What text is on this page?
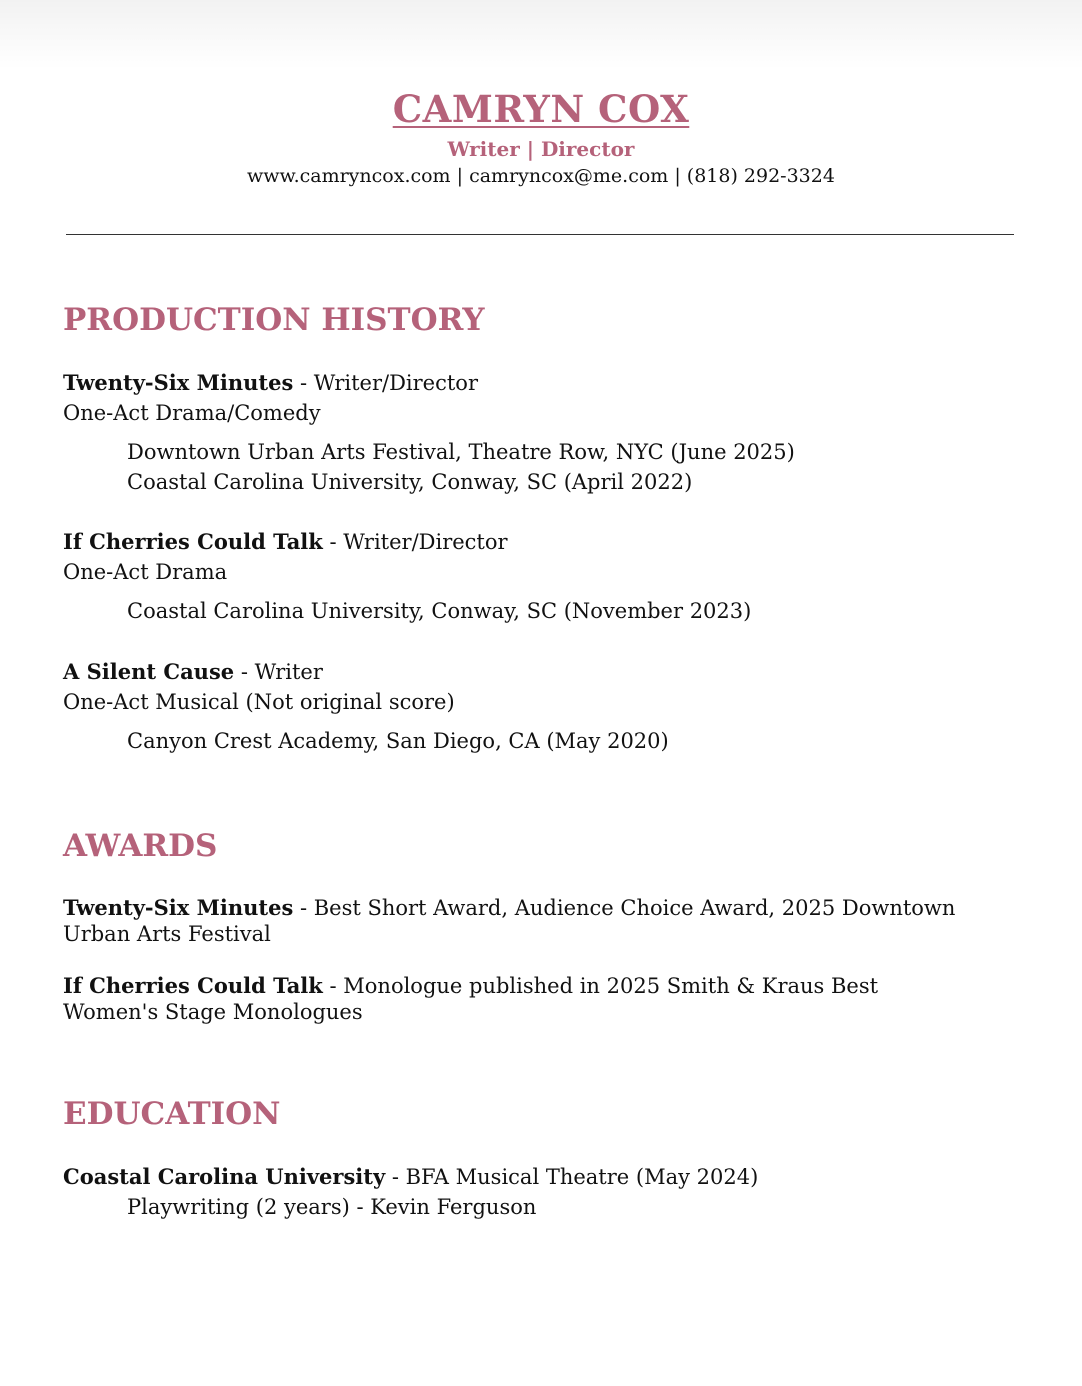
CAMRYN COX
Writer | Director
www.camryncox.com | camryncox@me.com | (818) 292-3324
PRODUCTION HISTORY
Twenty-Six Minutes - Writer/Director
One-Act Drama/Comedy
Downtown Urban Arts Festival, Theatre Row, NYC (June 2025)
Coastal Carolina University, Conway, SC (April 2022)
If Cherries Could Talk - Writer/Director
One-Act Drama
Coastal Carolina University, Conway, SC (November 2023)
A Silent Cause - Writer
One-Act Musical (Not original score)
Canyon Crest Academy, San Diego, CA (May 2020)
AWARDS
Twenty-Six Minutes - Best Short Award, Audience Choice Award, 2025 Downtown Urban Arts Festival
If Cherries Could Talk - Monologue published in 2025 Smith & Kraus Best Women's Stage Monologues
EDUCATION
Coastal Carolina University - BFA Musical Theatre (May 2024)
Playwriting (2 years) - Kevin Ferguson
